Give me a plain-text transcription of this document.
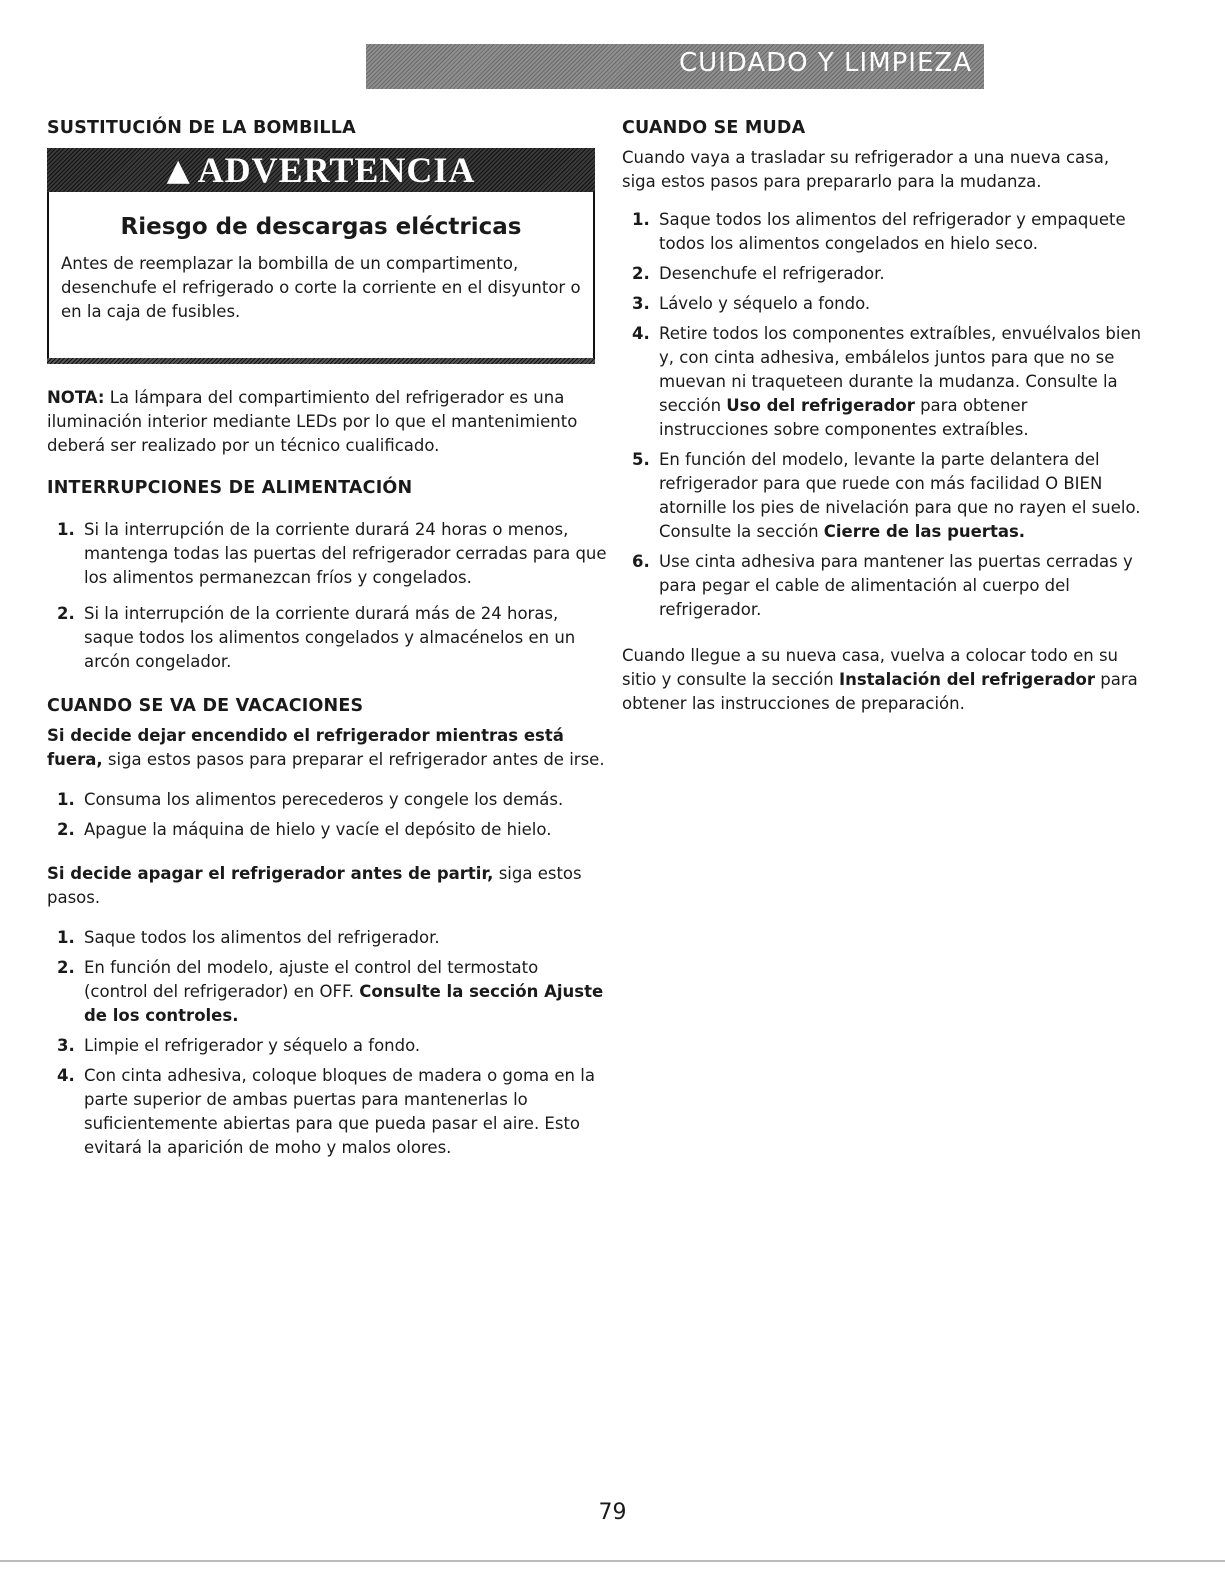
CUIDADO Y LIMPIEZA
SUSTITUCIÓN DE LA BOMBILLA
▲ ADVERTENCIA
Riesgo de descargas eléctricas
Antes de reemplazar la bombilla de un compartimento, desenchufe el refrigerado o corte la corriente en el disyuntor o en la caja de fusibles.

NOTA: La lámpara del compartimiento del refrigerador es una iluminación interior mediante LEDs por lo que el mantenimiento deberá ser realizado por un técnico cualificado.

INTERRUPCIONES DE ALIMENTACIÓN
1. Si la interrupción de la corriente durará 24 horas o menos, mantenga todas las puertas del refrigerador cerradas para que los alimentos permanezcan fríos y congelados.
2. Si la interrupción de la corriente durará más de 24 horas, saque todos los alimentos congelados y almacénelos en un arcón congelador.
CUANDO SE VA DE VACACIONES

Si decide dejar encendido el refrigerador mientras está fuera, siga estos pasos para preparar el refrigerador antes de irse.

1. Consuma los alimentos perecederos y congele los demás.
2. Apague la máquina de hielo y vacíe el depósito de hielo.

Si decide apagar el refrigerador antes de partir, siga estos pasos.

1. Saque todos los alimentos del refrigerador.
2. En función del modelo, ajuste el control del termostato (control del refrigerador) en OFF. Consulte la sección Ajuste de los controles.
3. Limpie el refrigerador y séquelo a fondo.
4. Con cinta adhesiva, coloque bloques de madera o goma en la parte superior de ambas puertas para mantenerlas lo suficientemente abiertas para que pueda pasar el aire. Esto evitará la aparición de moho y malos olores.
CUANDO SE MUDA

Cuando vaya a trasladar su refrigerador a una nueva casa, siga estos pasos para prepararlo para la mudanza.

1. Saque todos los alimentos del refrigerador y empaquete todos los alimentos congelados en hielo seco.
2. Desenchufe el refrigerador.
3. Lávelo y séquelo a fondo.
4. Retire todos los componentes extraíbles, envuélvalos bien y, con cinta adhesiva, embálelos juntos para que no se muevan ni traqueteen durante la mudanza. Consulte la sección Uso del refrigerador para obtener instrucciones sobre componentes extraíbles.
5. En función del modelo, levante la parte delantera del refrigerador para que ruede con más facilidad O BIEN atornille los pies de nivelación para que no rayen el suelo. Consulte la sección Cierre de las puertas.
6. Use cinta adhesiva para mantener las puertas cerradas y para pegar el cable de alimentación al cuerpo del refrigerador.

Cuando llegue a su nueva casa, vuelva a colocar todo en su sitio y consulte la sección Instalación del refrigerador para obtener las instrucciones de preparación.

79
